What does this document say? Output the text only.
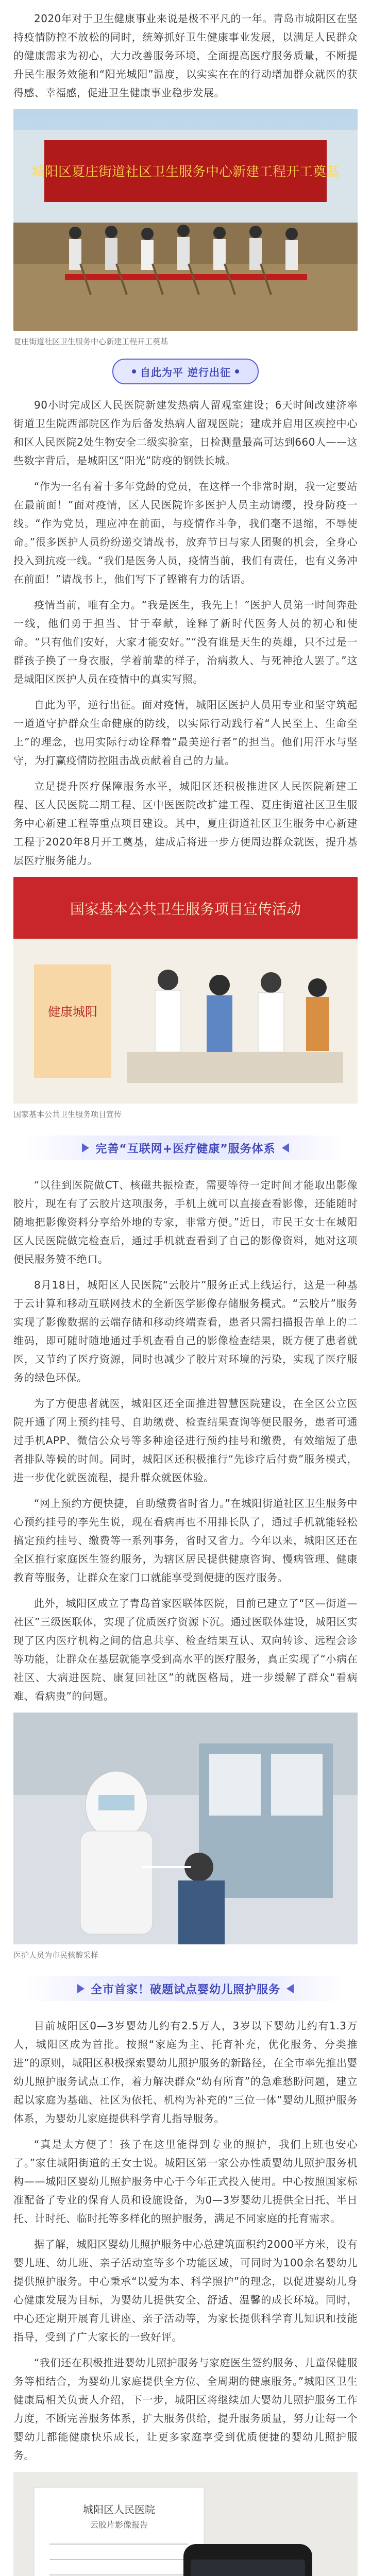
2020年对于卫生健康事业来说是极不平凡的一年。青岛市城阳区在坚持疫情防控不放松的同时，统筹抓好卫生健康事业发展，以满足人民群众的健康需求为初心，大力改善服务环境，全面提高医疗服务质量，不断提升民生服务效能和“阳光城阳”温度，以实实在在的行动增加群众就医的获得感、幸福感，促进卫生健康事业稳步发展。

城阳区夏庄街道社区卫生服务中心新建工程开工奠基
夏庄街道社区卫生服务中心新建工程开工奠基
自此为平 逆行出征

90小时完成区人民医院新建发热病人留观室建设；6天时间改建济率街道卫生院西部院区作为后备发热病人留观医院；建成并启用区疾控中心和区人民医院2处生物安全二级实验室，日检测量最高可达到660人——这些数字背后，是城阳区“阳光”防疫的钢铁长城。

“作为一名有着十多年党龄的党员，在这样一个非常时期，我一定要站在最前面！”面对疫情，区人民医院许多医护人员主动请缨，投身防疫一线。“作为党员，理应冲在前面，与疫情作斗争，我们毫不退缩，不辱使命。”很多医护人员纷纷递交请战书，放弃节日与家人团聚的机会，全身心投入到抗疫一线。“我们是医务人员，疫情当前，我们有责任，也有义务冲在前面！”请战书上，他们写下了铿锵有力的话语。

疫情当前，唯有全力。“我是医生，我先上！”医护人员第一时间奔赴一线，他们勇于担当、甘于奉献，诠释了新时代医务人员的初心和使命。“只有他们安好，大家才能安好。”“没有谁是天生的英雄，只不过是一群孩子换了一身衣服，学着前辈的样子，治病救人、与死神抢人罢了。”这是城阳区医护人员在疫情中的真实写照。

自此为平，逆行出征。面对疫情，城阳区医护人员用专业和坚守筑起一道道守护群众生命健康的防线，以实际行动践行着“人民至上、生命至上”的理念，也用实际行动诠释着“最美逆行者”的担当。他们用汗水与坚守，为打赢疫情防控阻击战贡献着自己的力量。

立足提升医疗保障服务水平，城阳区还积极推进区人民医院新建工程、区人民医院二期工程、区中医医院改扩建工程、夏庄街道社区卫生服务中心新建工程等重点项目建设。其中，夏庄街道社区卫生服务中心新建工程于2020年8月开工奠基，建成后将进一步方便周边群众就医，提升基层医疗服务能力。

国家基本公共卫生服务项目宣传活动
健康城阳
国家基本公共卫生服务项目宣传
完善“互联网+医疗健康”服务体系

“以往到医院做CT、核磁共振检查，需要等待一定时间才能取出影像胶片，现在有了云胶片这项服务，手机上就可以直接查看影像，还能随时随地把影像资料分享给外地的专家，非常方便。”近日，市民王女士在城阳区人民医院做完检查后，通过手机就查看到了自己的影像资料，她对这项便民服务赞不绝口。

8月18日，城阳区人民医院“云胶片”服务正式上线运行，这是一种基于云计算和移动互联网技术的全新医学影像存储服务模式。“云胶片”服务实现了影像数据的云端存储和移动终端查看，患者只需扫描报告单上的二维码，即可随时随地通过手机查看自己的影像检查结果，既方便了患者就医，又节约了医疗资源，同时也减少了胶片对环境的污染，实现了医疗服务的绿色环保。

为了方便患者就医，城阳区还全面推进智慧医院建设，在全区公立医院开通了网上预约挂号、自助缴费、检查结果查询等便民服务，患者可通过手机APP、微信公众号等多种途径进行预约挂号和缴费，有效缩短了患者排队等候的时间。同时，城阳区还积极推行“先诊疗后付费”服务模式，进一步优化就医流程，提升群众就医体验。

“网上预约方便快捷，自助缴费省时省力。”在城阳街道社区卫生服务中心预约挂号的李先生说，现在看病再也不用排长队了，通过手机就能轻松搞定预约挂号、缴费等一系列事务，省时又省力。今年以来，城阳区还在全区推行家庭医生签约服务，为辖区居民提供健康咨询、慢病管理、健康教育等服务，让群众在家门口就能享受到便捷的医疗服务。

此外，城阳区成立了青岛首家医联体医院，目前已建立了“区—街道—社区”三级医联体，实现了优质医疗资源下沉。通过医联体建设，城阳区实现了区内医疗机构之间的信息共享、检查结果互认、双向转诊、远程会诊等功能，让群众在基层就能享受到高水平的医疗服务，真正实现了“小病在社区、大病进医院、康复回社区”的就医格局，进一步缓解了群众“看病难、看病贵”的问题。

医护人员为市民核酸采样
全市首家！破题试点婴幼儿照护服务

目前城阳区0—3岁婴幼儿约有2.5万人，3岁以下婴幼儿约有1.3万人，城阳区成为首批。按照“家庭为主、托育补充，优化服务、分类推进”的原则，城阳区积极探索婴幼儿照护服务的新路径，在全市率先推出婴幼儿照护服务试点工作，着力解决群众“幼有所育”的急难愁盼问题，建立起以家庭为基础、社区为依托、机构为补充的“三位一体”婴幼儿照护服务体系，为婴幼儿家庭提供科学育儿指导服务。

“真是太方便了！孩子在这里能得到专业的照护，我们上班也安心了。”家住城阳街道的王女士说。城阳区第一家公办性质婴幼儿照护服务机构——城阳区婴幼儿照护服务中心于今年正式投入使用。中心按照国家标准配备了专业的保育人员和设施设备，为0—3岁婴幼儿提供全日托、半日托、计时托、临时托等多样化的照护服务，满足不同家庭的托育需求。

据了解，城阳区婴幼儿照护服务中心总建筑面积约2000平方米，设有婴儿班、幼儿班、亲子活动室等多个功能区域，可同时为100余名婴幼儿提供照护服务。中心秉承“以爱为本、科学照护”的理念，以促进婴幼儿身心健康发展为目标，为婴幼儿提供安全、舒适、温馨的成长环境。同时，中心还定期开展育儿讲座、亲子活动等，为家长提供科学育儿知识和技能指导，受到了广大家长的一致好评。

“我们还在积极推进婴幼儿照护服务与家庭医生签约服务、儿童保健服务等相结合，为婴幼儿家庭提供全方位、全周期的健康服务。”城阳区卫生健康局相关负责人介绍，下一步，城阳区将继续加大婴幼儿照护服务工作力度，不断完善服务体系，扩大服务供给，提升服务质量，努力让每一个婴幼儿都能健康快乐成长，让更多家庭享受到优质便捷的婴幼儿照护服务。

城阳区人民医院
云胶片影像报告
